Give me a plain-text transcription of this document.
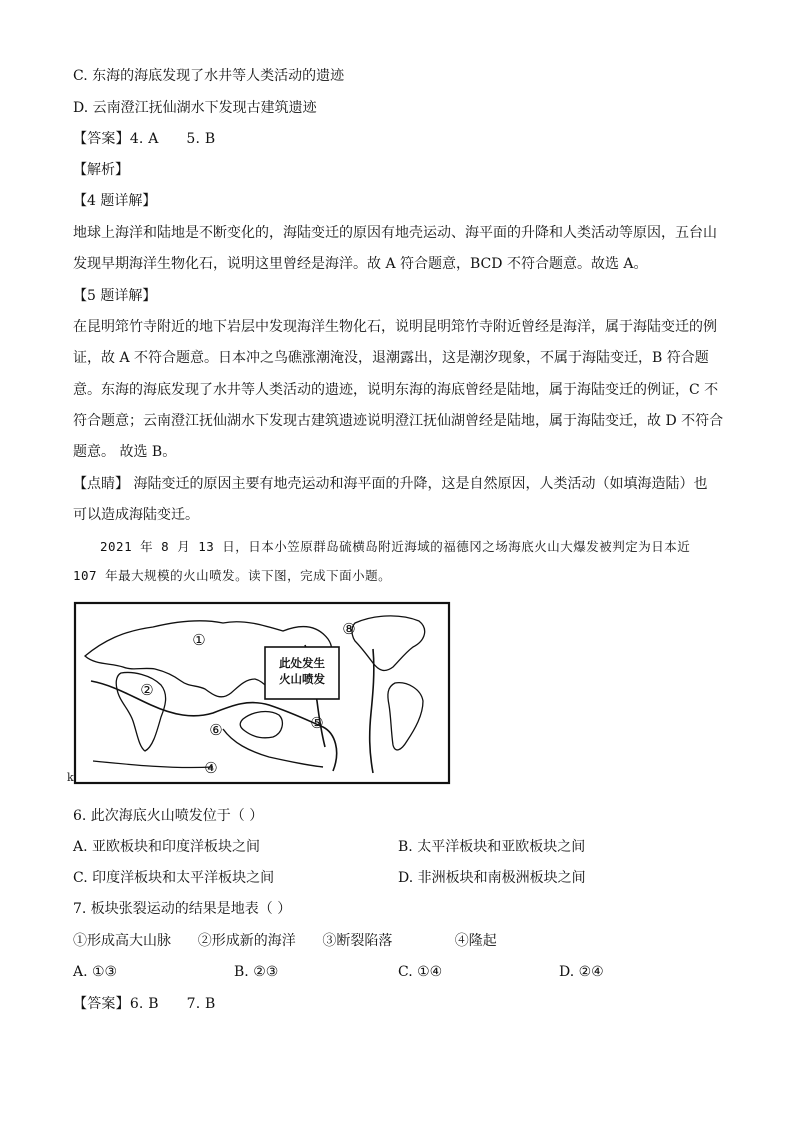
C. 东海的海底发现了水井等人类活动的遗迹
D. 云南澄江抚仙湖水下发现古建筑遗迹
【答案】4. A      5. B
【解析】
【4 题详解】
地球上海洋和陆地是不断变化的，海陆变迁的原因有地壳运动、海平面的升降和人类活动等原因，五台山
发现早期海洋生物化石，说明这里曾经是海洋。故 A 符合题意，BCD 不符合题意。故选 A。
【5 题详解】
在昆明筇竹寺附近的地下岩层中发现海洋生物化石，说明昆明筇竹寺附近曾经是海洋，属于海陆变迁的例
证，故 A 不符合题意。日本冲之鸟礁涨潮淹没，退潮露出，这是潮汐现象，不属于海陆变迁，B 符合题
意。东海的海底发现了水井等人类活动的遗迹，说明东海的海底曾经是陆地，属于海陆变迁的例证，C 不
符合题意；云南澄江抚仙湖水下发现古建筑遗迹说明澄江抚仙湖曾经是陆地，属于海陆变迁，故 D 不符合
题意。 故选 B。
【点睛】 海陆变迁的原因主要有地壳运动和海平面的升降，这是自然原因，人类活动（如填海造陆）也
可以造成海陆变迁。
2021 年 8 月 13 日，日本小笠原群岛硫横岛附近海域的福德冈之场海底火山大爆发被判定为日本近
107 年最大规模的火山喷发。读下图，完成下面小题。
此处发生
火山喷发
①
②
⑤
⑥
④
⑧
k
6. 此次海底火山喷发位于（ ）
A. 亚欧板块和印度洋板块之间	B. 太平洋板块和亚欧板块之间
C. 印度洋板块和太平洋板块之间	D. 非洲板块和南极洲板块之间
7. 板块张裂运动的结果是地表（ ）
①形成高大山脉      ②形成新的海洋      ③断裂陷落              ④隆起
A. ①③	B. ②③	C. ①④	D. ②④
【答案】6. B      7. B
